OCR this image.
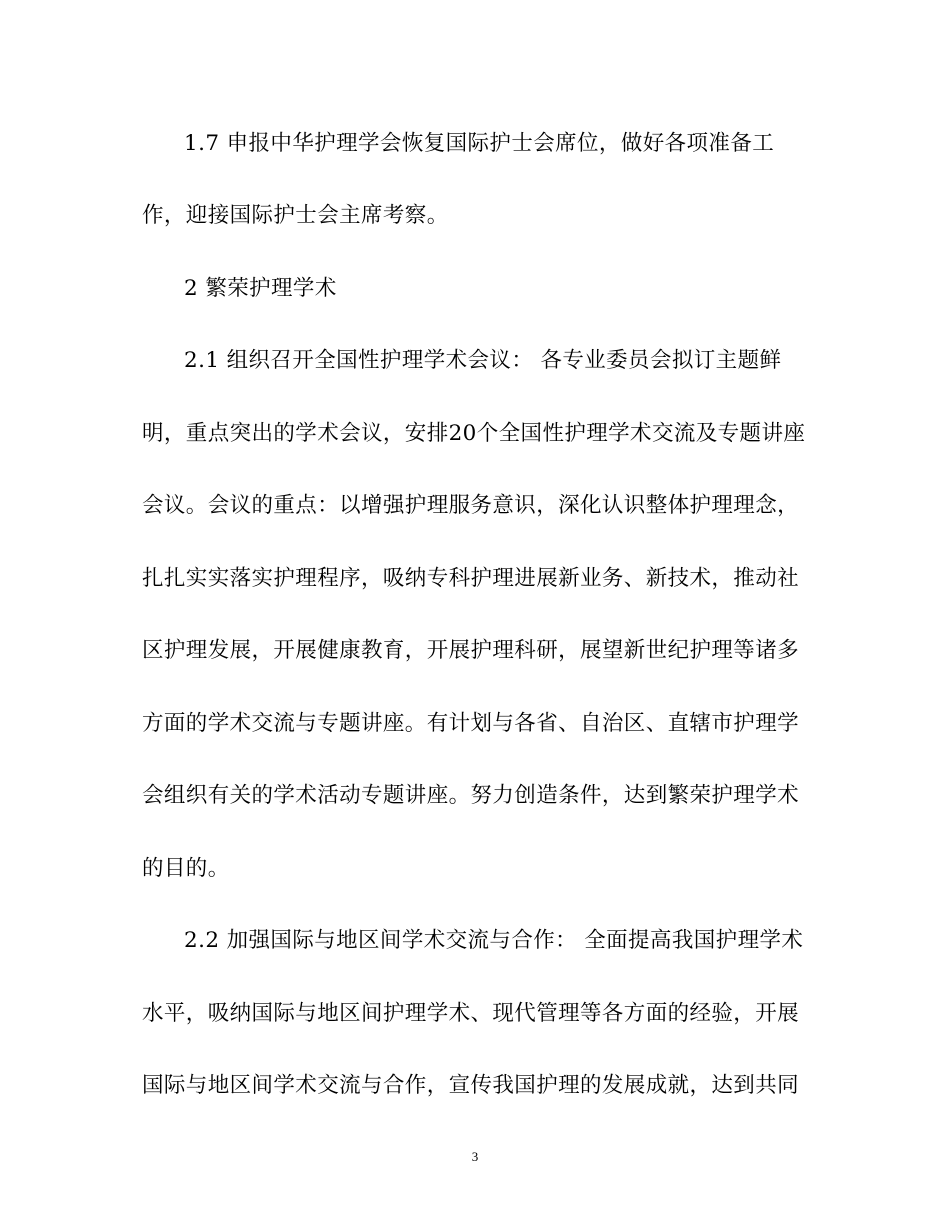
1.7 申报中华护理学会恢复国际护士会席位，做好各项准备工
作，迎接国际护士会主席考察。
2 繁荣护理学术
2.1 组织召开全国性护理学术会议： 各专业委员会拟订主题鲜
明，重点突出的学术会议，安排20个全国性护理学术交流及专题讲座
会议。会议的重点：以增强护理服务意识，深化认识整体护理理念，
扎扎实实落实护理程序，吸纳专科护理进展新业务、新技术，推动社
区护理发展，开展健康教育，开展护理科研，展望新世纪护理等诸多
方面的学术交流与专题讲座。有计划与各省、自治区、直辖市护理学
会组织有关的学术活动专题讲座。努力创造条件，达到繁荣护理学术
的目的。
2.2 加强国际与地区间学术交流与合作： 全面提高我国护理学术
水平，吸纳国际与地区间护理学术、现代管理等各方面的经验，开展
国际与地区间学术交流与合作，宣传我国护理的发展成就，达到共同
3
